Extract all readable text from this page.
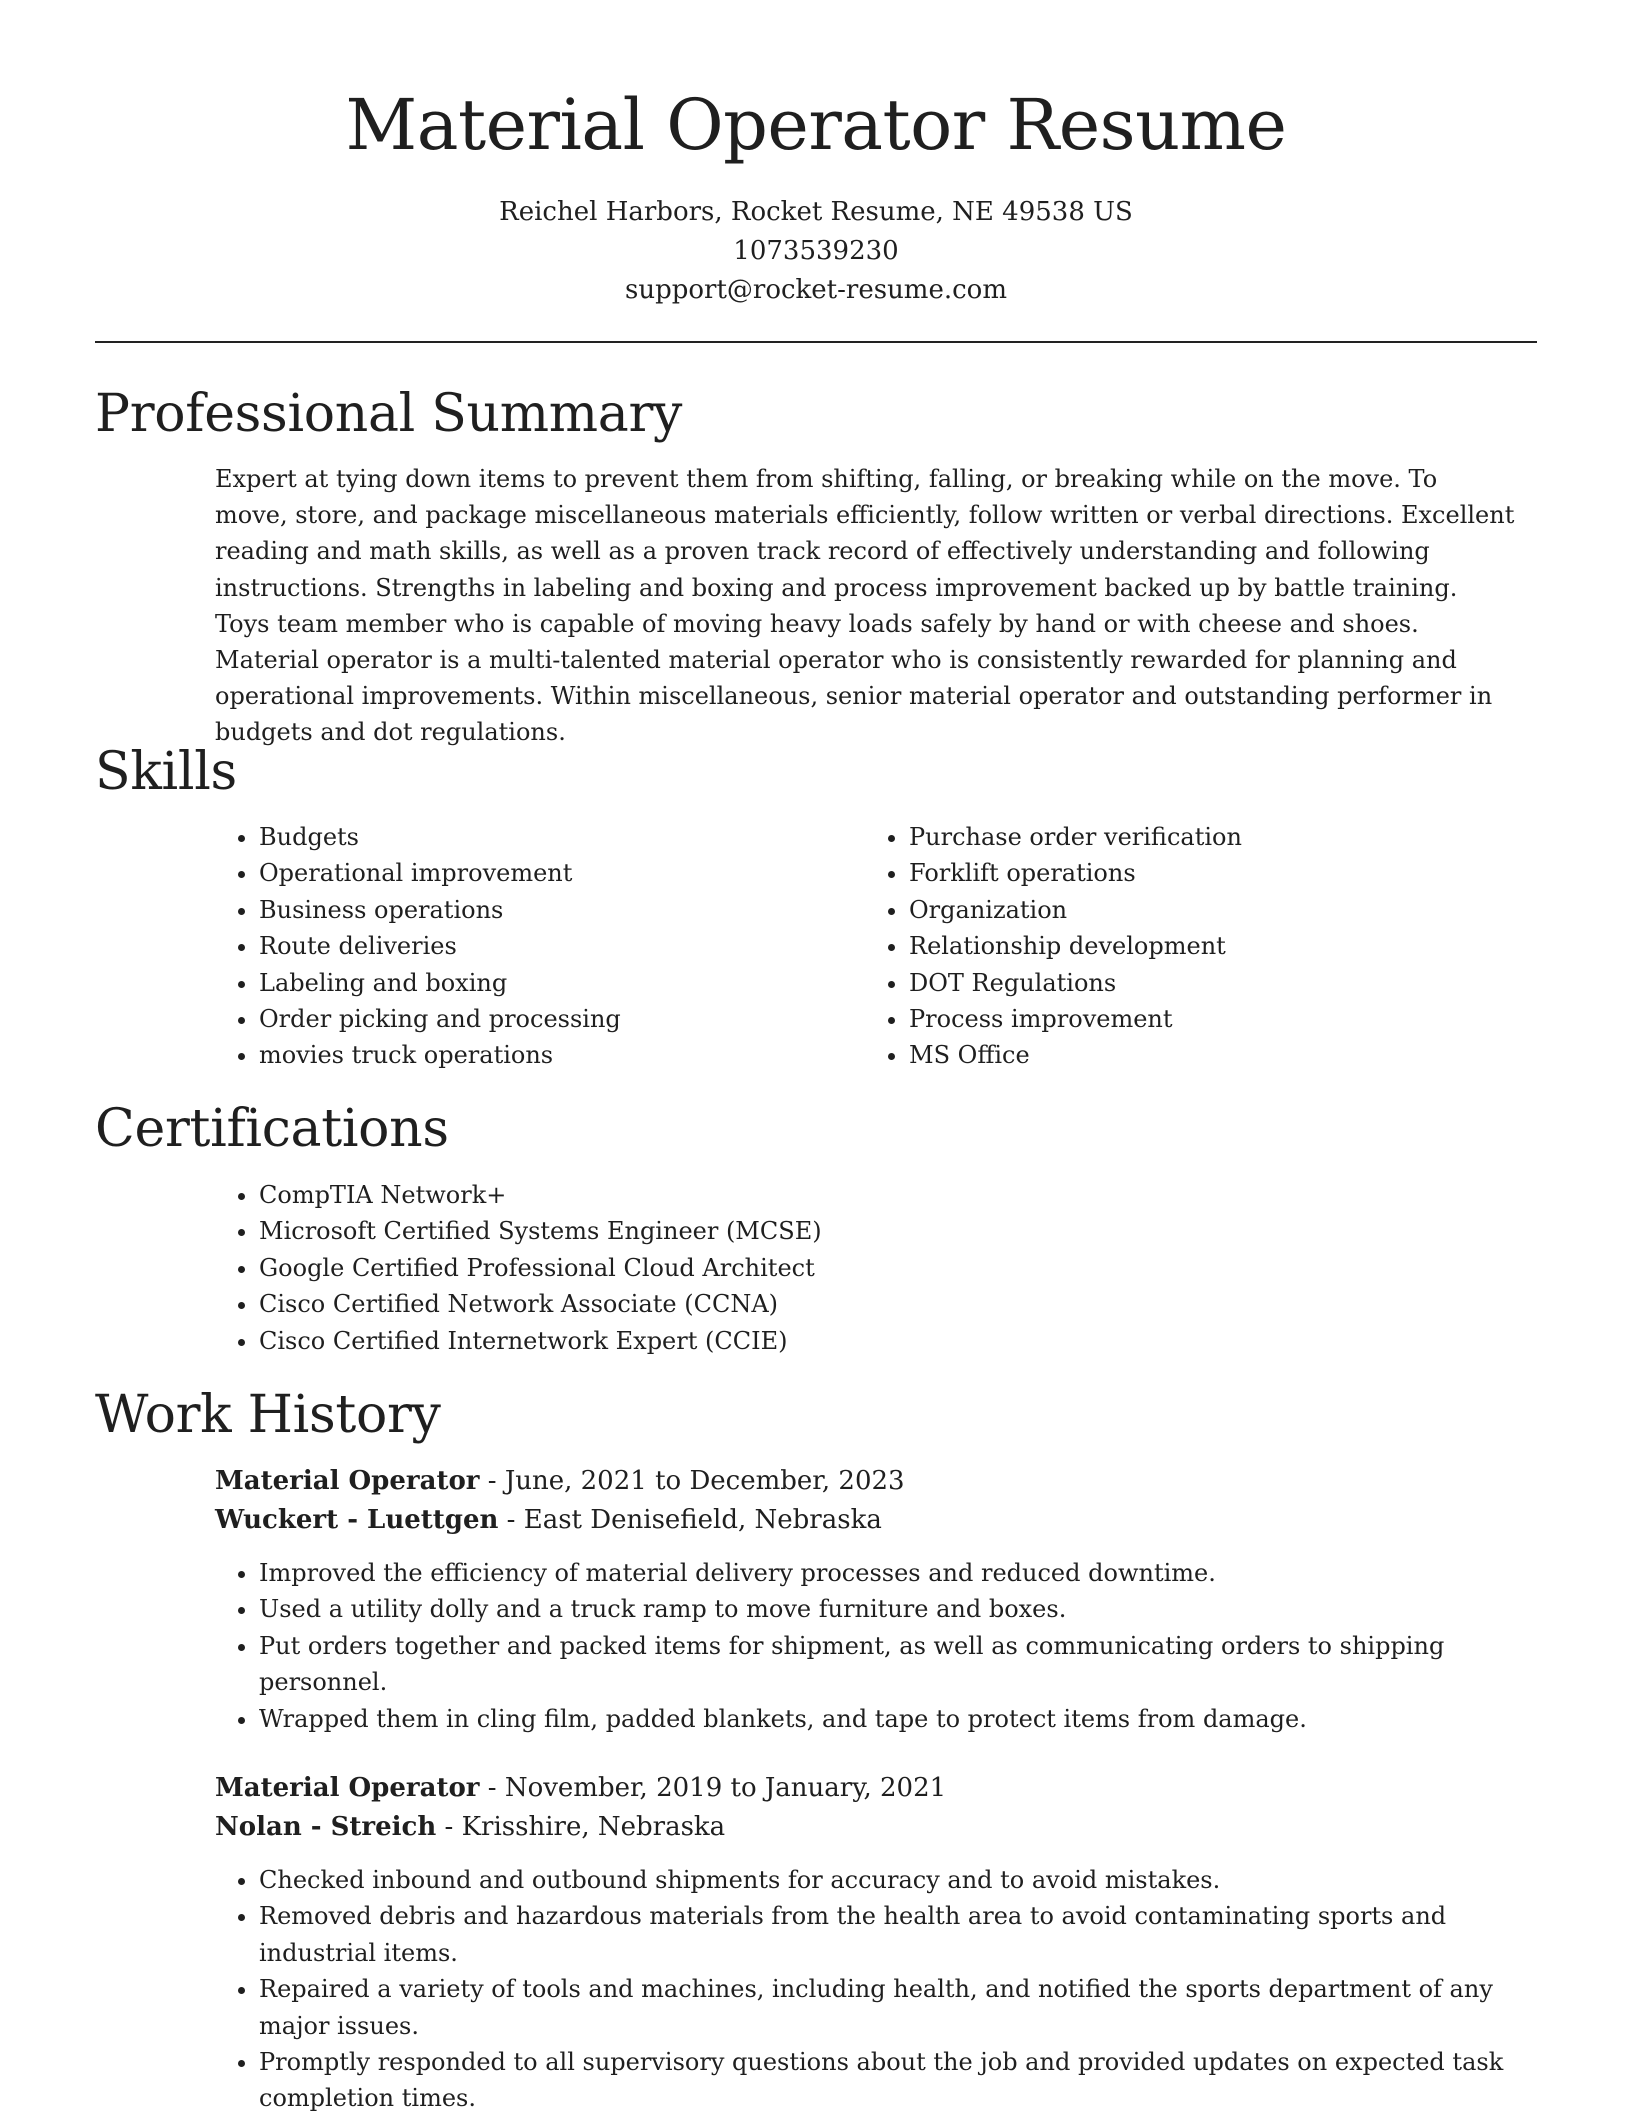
Material Operator Resume
Reichel Harbors, Rocket Resume, NE 49538 US
1073539230
support@rocket-resume.com
Professional Summary

Expert at tying down items to prevent them from shifting, falling, or breaking while on the move. To move, store, and package miscellaneous materials efficiently, follow written or verbal directions. Excellent reading and math skills, as well as a proven track record of effectively understanding and following instructions. Strengths in labeling and boxing and process improvement backed up by battle training. Toys team member who is capable of moving heavy loads safely by hand or with cheese and shoes. Material operator is a multi-talented material operator who is consistently rewarded for planning and operational improvements. Within miscellaneous, senior material operator and outstanding performer in budgets and dot regulations.

Skills
• Budgets
• Operational improvement
• Business operations
• Route deliveries
• Labeling and boxing
• Order picking and processing
• movies truck operations
• Purchase order verification
• Forklift operations
• Organization
• Relationship development
• DOT Regulations
• Process improvement
• MS Office
Certifications
• CompTIA Network+
• Microsoft Certified Systems Engineer (MCSE)
• Google Certified Professional Cloud Architect
• Cisco Certified Network Associate (CCNA)
• Cisco Certified Internetwork Expert (CCIE)
Work History
Material Operator - June, 2021 to December, 2023
Wuckert - Luettgen - East Denisefield, Nebraska
• Improved the efficiency of material delivery processes and reduced downtime.
• Used a utility dolly and a truck ramp to move furniture and boxes.
• Put orders together and packed items for shipment, as well as communicating orders to shipping personnel.
• Wrapped them in cling film, padded blankets, and tape to protect items from damage.
Material Operator - November, 2019 to January, 2021
Nolan - Streich - Krisshire, Nebraska
• Checked inbound and outbound shipments for accuracy and to avoid mistakes.
• Removed debris and hazardous materials from the health area to avoid contaminating sports and industrial items.
• Repaired a variety of tools and machines, including health, and notified the sports department of any major issues.
• Promptly responded to all supervisory questions about the job and provided updates on expected task completion times.
